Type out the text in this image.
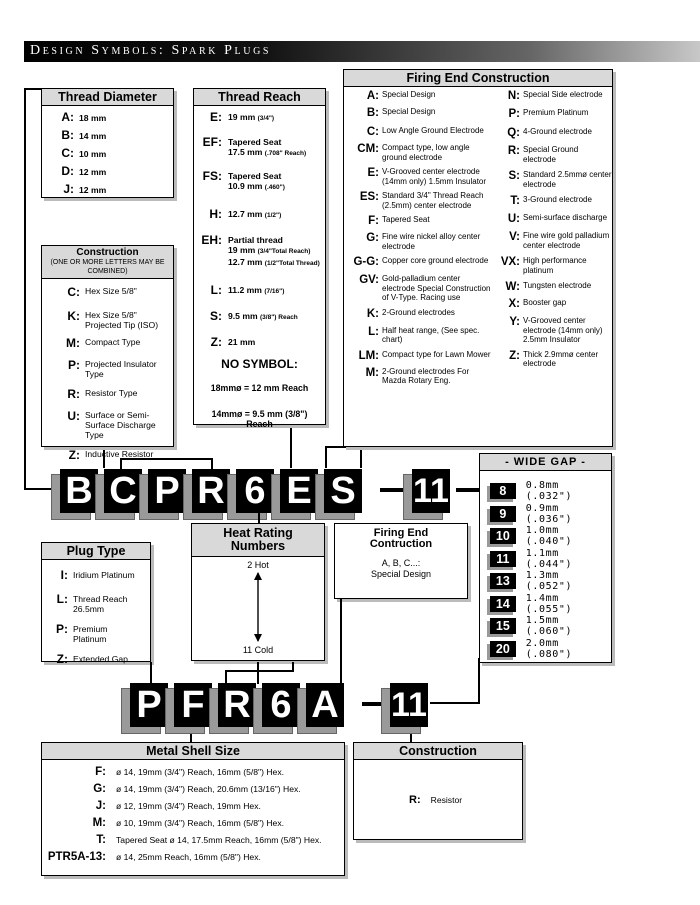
Design Symbols: Spark Plugs
Thread Diameter
A: 18 mm
B: 14 mm
C: 10 mm
D: 12 mm
J: 12 mm
Construction
(ONE OR MORE LETTERS MAY BE COMBINED)
C: Hex Size 5/8"
K: Hex Size 5/8" Projected Tip (ISO)
M: Compact Type
P: Projected Insulator Type
R: Resistor Type
U: Surface or Semi-Surface Discharge Type
Z: Inductive Resistor
Thread Reach
E: 19 mm (3/4")
EF: Tapered Seat
17.5 mm (.708" Reach)
FS: Tapered Seat
10.9 mm (.460")
H: 12.7 mm (1/2")
EH: Partial thread
19 mm (3/4"Total Reach)
12.7 mm (1/2"Total Thread)
L: 11.2 mm (7/16")
S: 9.5 mm (3/8") Reach
Z: 21 mm
NO SYMBOL:
18mmø = 12 mm Reach
14mmø = 9.5 mm (3/8")
Reach
Firing End Construction
A: Special Design
B: Special Design
C: Low Angle Ground Electrode
CM: Compact type, low angle ground electrode
E: V-Grooved center electrode (14mm only) 1.5mm Insulator
ES: Standard 3/4" Thread Reach (2.5mm) center electrode
F: Tapered Seat
G: Fine wire nickel alloy center electrode
G-G: Copper core ground electrode
GV: Gold-palladium center electrode Special Construction of V-Type. Racing use
K: 2-Ground electrodes
L: Half heat range, (See spec. chart)
LM: Compact type for Lawn Mower
M: 2-Ground electrodes For Mazda Rotary Eng.
N: Special Side electrode
P: Premium Platinum
Q: 4-Ground electrode
R: Special Ground electrode
S: Standard 2.5mmø center electrode
T: 3-Ground electrode
U: Semi-surface discharge
V: Fine wire gold palladium center electrode
VX: High performance platinum
W: Tungsten electrode
X: Booster gap
Y: V-Grooved center electrode (14mm only) 2.5mm Insulator
Z: Thick 2.9mmø center electrode
B C P R 6 E S 11
- WIDE GAP -
8	0.8mm (.032")
9	0.9mm (.036")
10	1.0mm (.040")
11	1.1mm (.044")
13	1.3mm (.052")
14	1.4mm (.055")
15	1.5mm (.060")
20	2.0mm (.080")
Plug Type
I: Iridium Platinum
L: Thread Reach 26.5mm
P: Premium Platinum
Z: Extended Gap
Heat Rating Numbers
2 Hot
11 Cold
Firing End Contruction
A, B, C...: Special Design
P F R 6 A 11
Metal Shell Size
F:	ø 14, 19mm (3/4") Reach, 16mm (5/8") Hex.
G:	ø 14, 19mm (3/4") Reach, 20.6mm (13/16") Hex.
J:	ø 12, 19mm (3/4") Reach, 19mm Hex.
M:	ø 10, 19mm (3/4") Reach, 16mm (5/8") Hex.
T:	Tapered Seat ø 14, 17.5mm Reach, 16mm (5/8") Hex.
PTR5A-13:	ø 14, 25mm Reach, 16mm (5/8") Hex.
Construction
R:	Resistor
